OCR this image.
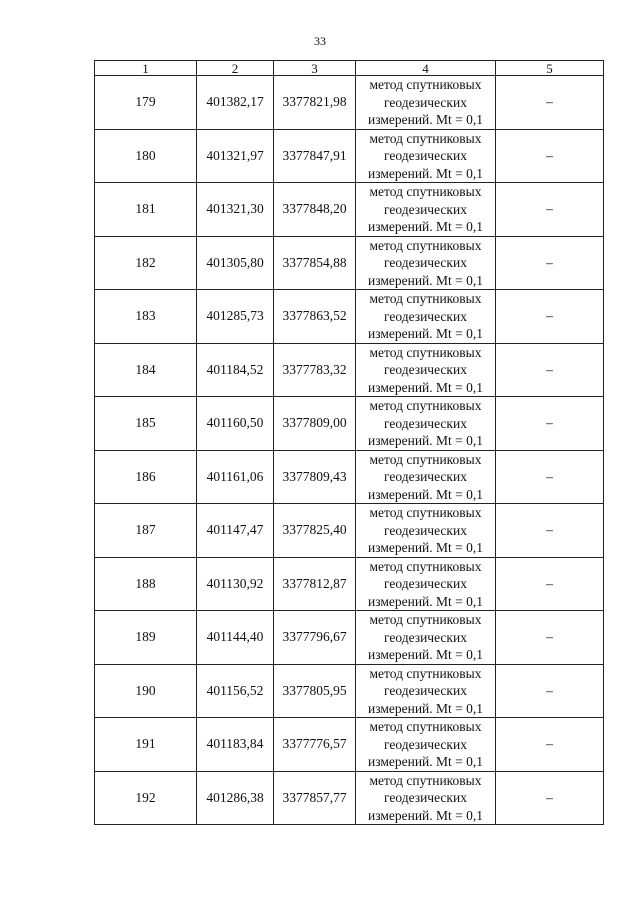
33
1	2	3	4	5
179	401382,17	3377821,98	метод спутниковых
геодезических
измерений. Mt = 0,1	–
180	401321,97	3377847,91	метод спутниковых
геодезических
измерений. Mt = 0,1	–
181	401321,30	3377848,20	метод спутниковых
геодезических
измерений. Mt = 0,1	–
182	401305,80	3377854,88	метод спутниковых
геодезических
измерений. Mt = 0,1	–
183	401285,73	3377863,52	метод спутниковых
геодезических
измерений. Mt = 0,1	–
184	401184,52	3377783,32	метод спутниковых
геодезических
измерений. Mt = 0,1	–
185	401160,50	3377809,00	метод спутниковых
геодезических
измерений. Mt = 0,1	–
186	401161,06	3377809,43	метод спутниковых
геодезических
измерений. Mt = 0,1	–
187	401147,47	3377825,40	метод спутниковых
геодезических
измерений. Mt = 0,1	–
188	401130,92	3377812,87	метод спутниковых
геодезических
измерений. Mt = 0,1	–
189	401144,40	3377796,67	метод спутниковых
геодезических
измерений. Mt = 0,1	–
190	401156,52	3377805,95	метод спутниковых
геодезических
измерений. Mt = 0,1	–
191	401183,84	3377776,57	метод спутниковых
геодезических
измерений. Mt = 0,1	–
192	401286,38	3377857,77	метод спутниковых
геодезических
измерений. Mt = 0,1	–
